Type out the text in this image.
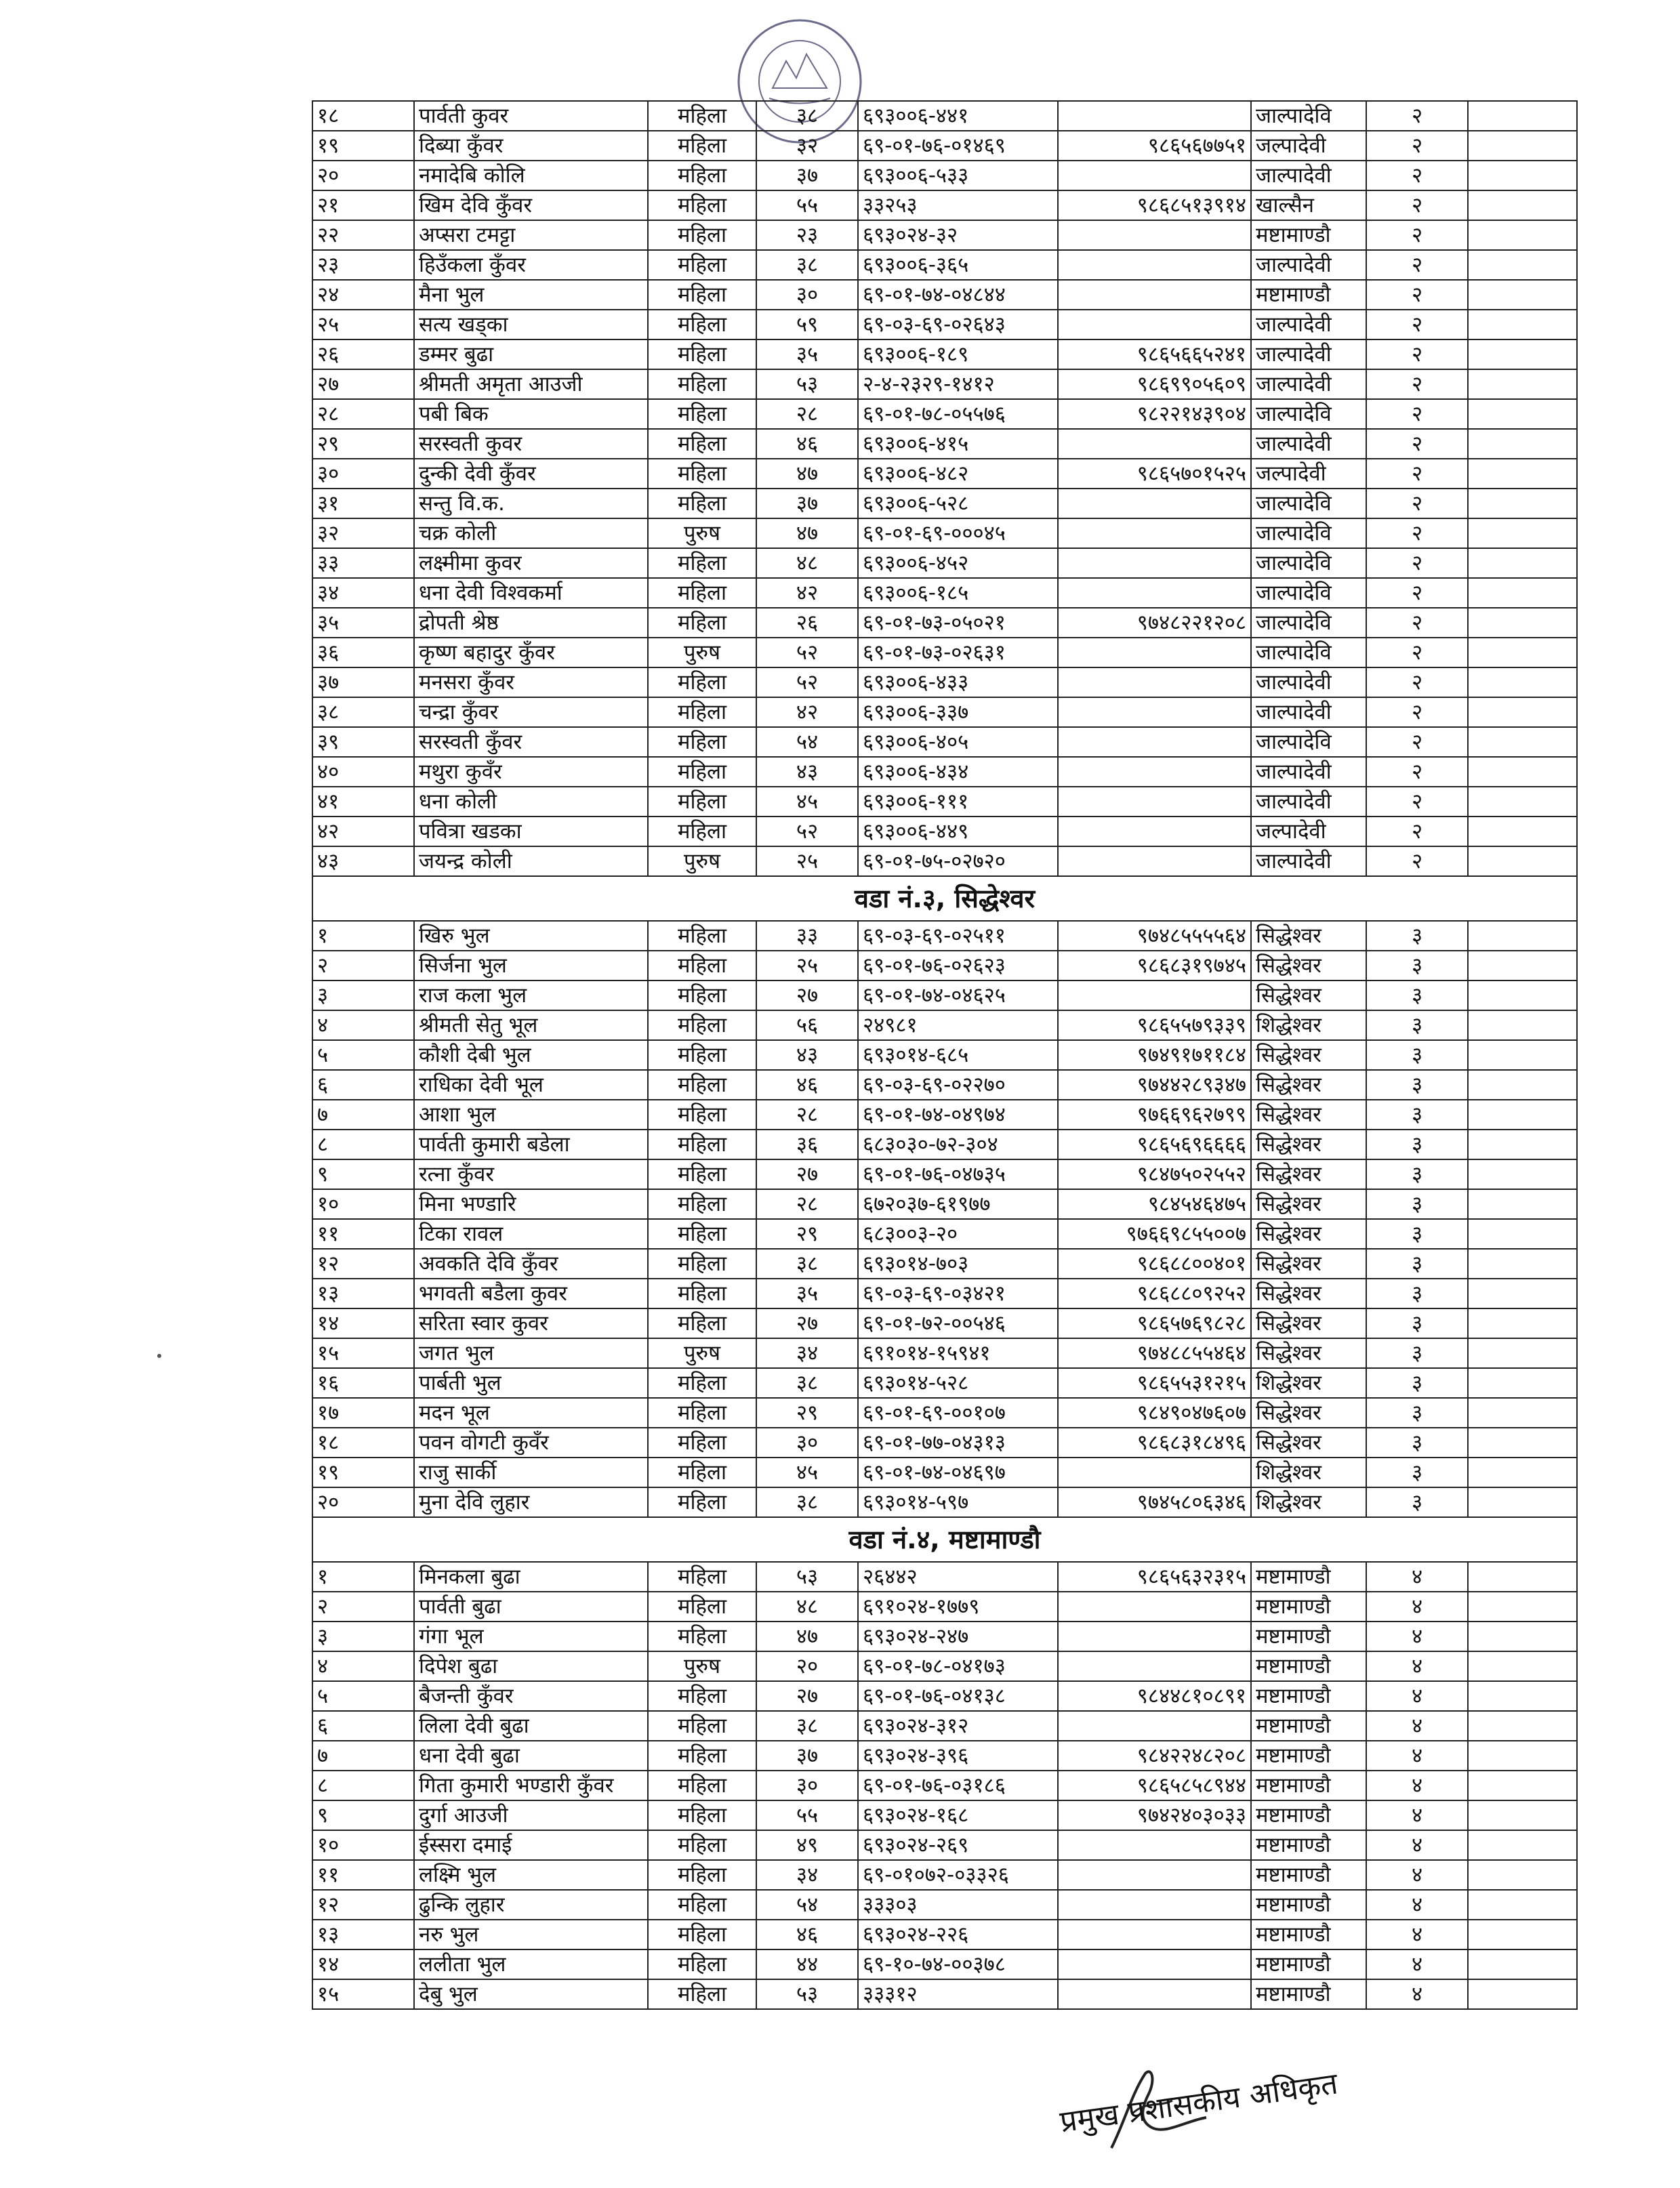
१८	पार्वती कुवर	महिला	३८	६९३००६-४४१		जाल्पादेवि	२	
१९	दिब्या कुँवर	महिला	३२	६९-०१-७६-०१४६९	९८६५६७७५१	जल्पादेवी	२	
२०	नमादेबि कोलि	महिला	३७	६९३००६-५३३		जाल्पादेवी	२	
२१	खिम देवि कुँवर	महिला	५५	३३२५३	९८६८५१३९१४	खाल्सैन	२	
२२	अप्सरा टमट्टा	महिला	२३	६९३०२४-३२		मष्टामाण्डौ	२	
२३	हिउँकला कुँवर	महिला	३८	६९३००६-३६५		जाल्पादेवी	२	
२४	मैना भुल	महिला	३०	६९-०१-७४-०४८४४		मष्टामाण्डौ	२	
२५	सत्य खड्का	महिला	५९	६९-०३-६९-०२६४३		जाल्पादेवी	२	
२६	डम्मर बुढा	महिला	३५	६९३००६-१८९	९८६५६६५२४१	जाल्पादेवी	२	
२७	श्रीमती अमृता आउजी	महिला	५३	२-४-२३२९-१४१२	९८६९९०५६०९	जाल्पादेवी	२	
२८	पबी बिक	महिला	२८	६९-०१-७८-०५५७६	९८२२१४३९०४	जाल्पादेवि	२	
२९	सरस्वती कुवर	महिला	४६	६९३००६-४१५		जाल्पादेवी	२	
३०	दुन्की देवी कुँवर	महिला	४७	६९३००६-४८२	९८६५७०१५२५	जल्पादेवी	२	
३१	सन्तु वि.क.	महिला	३७	६९३००६-५२८		जाल्पादेवि	२	
३२	चक्र कोली	पुरुष	४७	६९-०१-६९-०००४५		जाल्पादेवि	२	
३३	लक्ष्मीमा कुवर	महिला	४८	६९३००६-४५२		जाल्पादेवि	२	
३४	धना देवी विश्वकर्मा	महिला	४२	६९३००६-१८५		जाल्पादेवि	२	
३५	द्रोपती श्रेष्ठ	महिला	२६	६९-०१-७३-०५०२१	९७४८२२१२०८	जाल्पादेवि	२	
३६	कृष्ण बहादुर कुँवर	पुरुष	५२	६९-०१-७३-०२६३१		जाल्पादेवि	२	
३७	मनसरा कुँवर	महिला	५२	६९३००६-४३३		जाल्पादेवी	२	
३८	चन्द्रा कुँवर	महिला	४२	६९३००६-३३७		जाल्पादेवी	२	
३९	सरस्वती कुँवर	महिला	५४	६९३००६-४०५		जाल्पादेवि	२	
४०	मथुरा कुवँर	महिला	४३	६९३००६-४३४		जाल्पादेवी	२	
४१	धना कोली	महिला	४५	६९३००६-१११		जाल्पादेवी	२	
४२	पवित्रा खडका	महिला	५२	६९३००६-४४९		जल्पादेवी	२	
४३	जयन्द्र कोली	पुरुष	२५	६९-०१-७५-०२७२०		जाल्पादेवी	२	
वडा नं.३, सिद्धेश्वर								
१	खिरु भुल	महिला	३३	६९-०३-६९-०२५११	९७४८५५५५६४	सिद्धेश्वर	३	
२	सिर्जना भुल	महिला	२५	६९-०१-७६-०२६२३	९८६८३१९७४५	सिद्धेश्वर	३	
३	राज कला भुल	महिला	२७	६९-०१-७४-०४६२५		सिद्धेश्वर	३	
४	श्रीमती सेतु भूल	महिला	५६	२४९८१	९८६५५७९३३९	शिद्धेश्वर	३	
५	कौशी देबी भुल	महिला	४३	६९३०१४-६८५	९७४९१७११८४	सिद्धेश्वर	३	
६	राधिका देवी भूल	महिला	४६	६९-०३-६९-०२२७०	९७४४२८९३४७	सिद्धेश्वर	३	
७	आशा भुल	महिला	२८	६९-०१-७४-०४९७४	९७६६९६२७९९	सिद्धेश्वर	३	
८	पार्वती कुमारी बडेला	महिला	३६	६८३०३०-७२-३०४	९८६५६९६६६६	सिद्धेश्वर	३	
९	रत्ना कुँवर	महिला	२७	६९-०१-७६-०४७३५	९८४७५०२५५२	सिद्धेश्वर	३	
१०	मिना भण्डारि	महिला	२८	६७२०३७-६१९७७	९८४५४६४७५	सिद्धेश्वर	३	
११	टिका रावल	महिला	२९	६८३००३-२०	९७६६९८५५००७	सिद्धेश्वर	३	
१२	अवकति देवि कुँवर	महिला	३८	६९३०१४-७०३	९८६८८००४०१	सिद्धेश्वर	३	
१३	भगवती बडैला कुवर	महिला	३५	६९-०३-६९-०३४२१	९८६८८०९२५२	सिद्धेश्वर	३	
१४	सरिता स्वार कुवर	महिला	२७	६९-०१-७२-००५४६	९८६५७६९८२८	सिद्धेश्वर	३	
१५	जगत भुल	पुरुष	३४	६९१०१४-१५९४१	९७४८८५५४६४	सिद्धेश्वर	३	
१६	पार्बती भुल	महिला	३८	६९३०१४-५२८	९८६५५३१२१५	शिद्धेश्वर	३	
१७	मदन भूल	महिला	२९	६९-०१-६९-००१०७	९८४९०४७६०७	सिद्धेश्वर	३	
१८	पवन वोगटी कुवँर	महिला	३०	६९-०१-७७-०४३१३	९८६८३१८४९६	सिद्धेश्वर	३	
१९	राजु सार्की	महिला	४५	६९-०१-७४-०४६९७		शिद्धेश्वर	३	
२०	मुना देवि लुहार	महिला	३८	६९३०१४-५९७	९७४५८०६३४६	शिद्धेश्वर	३	
वडा नं.४, मष्टामाण्डौ								
१	मिनकला बुढा	महिला	५३	२६४४२	९८६५६३२३१५	मष्टामाण्डौ	४	
२	पार्वती बुढा	महिला	४८	६९१०२४-१७७९		मष्टामाण्डौ	४	
३	गंगा भूल	महिला	४७	६९३०२४-२४७		मष्टामाण्डौ	४	
४	दिपेश बुढा	पुरुष	२०	६९-०१-७८-०४१७३		मष्टामाण्डौ	४	
५	बैजन्ती कुँवर	महिला	२७	६९-०१-७६-०४१३८	९८४४८१०८९१	मष्टामाण्डौ	४	
६	लिला देवी बुढा	महिला	३८	६९३०२४-३१२		मष्टामाण्डौ	४	
७	धना देवी बुढा	महिला	३७	६९३०२४-३९६	९८४२२४८२०८	मष्टामाण्डौ	४	
८	गिता कुमारी भण्डारी कुँवर	महिला	३०	६९-०१-७६-०३१८६	९८६५८५८९४४	मष्टामाण्डौ	४	
९	दुर्गा आउजी	महिला	५५	६९३०२४-१६८	९७४२४०३०३३	मष्टामाण्डौ	४	
१०	ईस्सरा दमाई	महिला	४९	६९३०२४-२६९		मष्टामाण्डौ	४	
११	लक्ष्मि भुल	महिला	३४	६९-०१०७२-०३३२६		मष्टामाण्डौ	४	
१२	ढुन्कि लुहार	महिला	५४	३३३०३		मष्टामाण्डौ	४	
१३	नरु भुल	महिला	४६	६९३०२४-२२६		मष्टामाण्डौ	४	
१४	ललीता भुल	महिला	४४	६९-१०-७४-००३७८		मष्टामाण्डौ	४	
१५	देबु भुल	महिला	५३	३३३१२		मष्टामाण्डौ	४	
प्रमुख प्रशासकीय अधिकृत
